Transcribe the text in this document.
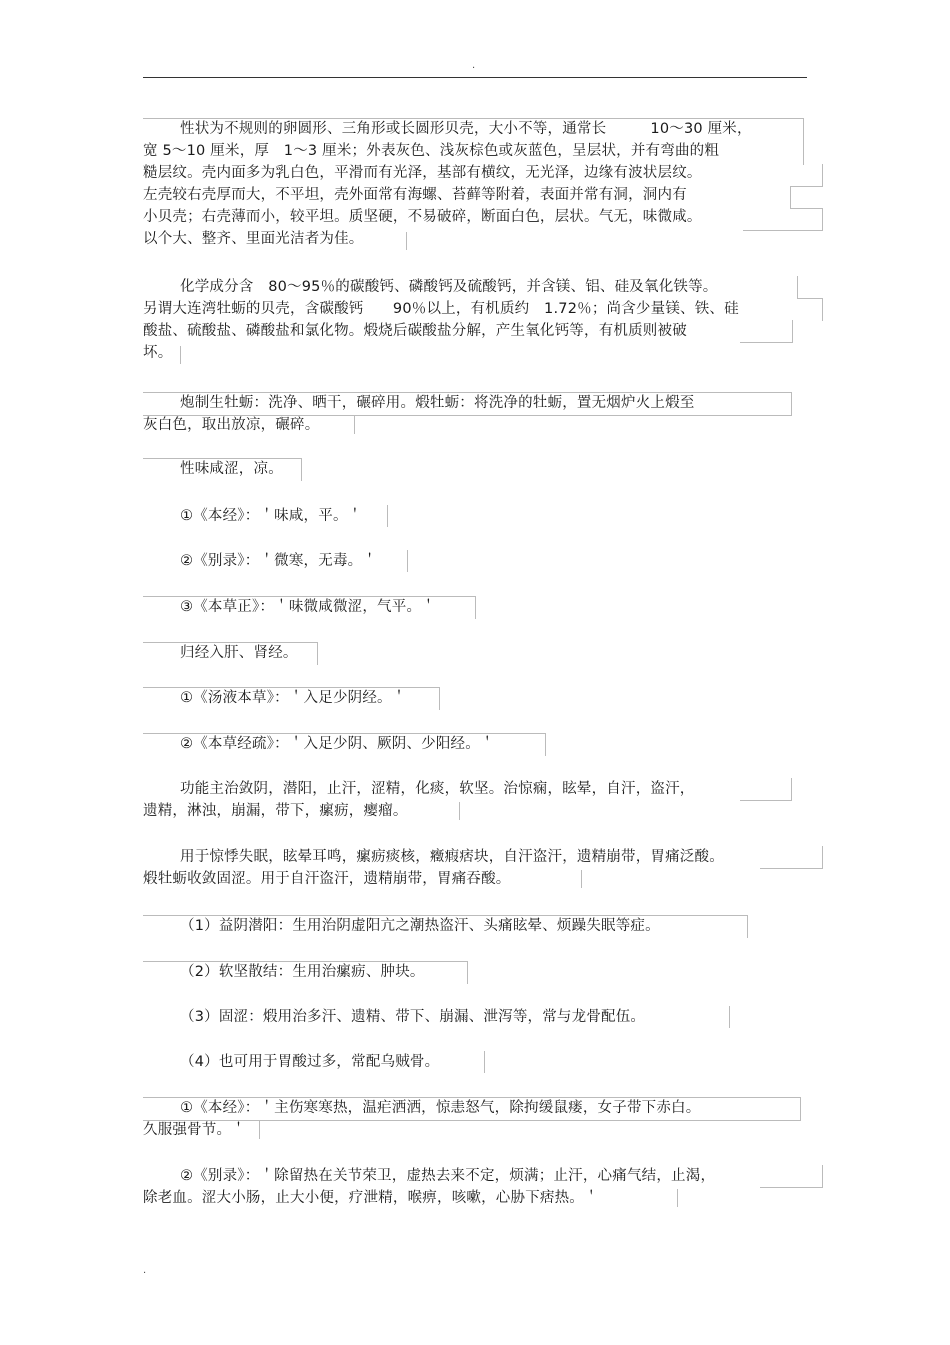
.
性状为不规则的卵圆形、三角形或长圆形贝壳，大小不等，通常长　　　10～30 厘米，
宽 5～10 厘米，厚　1～3 厘米；外表灰色、浅灰棕色或灰蓝色，呈层状，并有弯曲的粗
糙层纹。壳内面多为乳白色，平滑而有光泽，基部有横纹，无光泽，边缘有波状层纹。
左壳较右壳厚而大，不平坦，壳外面常有海螺、苔藓等附着，表面并常有洞，洞内有
小贝壳；右壳薄而小，较平坦。质坚硬，不易破碎，断面白色，层状。气无，味微咸。
以个大、整齐、里面光洁者为佳。
化学成分含　80～95％的碳酸钙、磷酸钙及硫酸钙，并含镁、铝、硅及氧化铁等。
另谓大连湾牡蛎的贝壳，含碳酸钙　　90％以上，有机质约　1.72％；尚含少量镁、铁、硅
酸盐、硫酸盐、磷酸盐和氯化物。煅烧后碳酸盐分解，产生氧化钙等，有机质则被破
坏。
炮制生牡蛎：洗净、晒干，碾碎用。煅牡蛎：将洗净的牡蛎，置无烟炉火上煅至
灰白色，取出放凉，碾碎。
性味咸涩，凉。
①《本经》：＇味咸，平。＇
②《别录》：＇微寒，无毒。＇
③《本草正》：＇味微咸微涩，气平。＇
归经入肝、肾经。
①《汤液本草》：＇入足少阴经。＇
②《本草经疏》：＇入足少阴、厥阴、少阳经。＇
功能主治敛阴，潜阳，止汗，涩精，化痰，软坚。治惊痫，眩晕，自汗，盗汗，
遗精，淋浊，崩漏，带下，瘰疬，瘿瘤。
用于惊悸失眠，眩晕耳鸣，瘰疬痰核，癥瘕痞块，自汗盗汗，遗精崩带，胃痛泛酸。
煅牡蛎收敛固涩。用于自汗盗汗，遗精崩带，胃痛吞酸。
（1）益阴潜阳：生用治阴虚阳亢之潮热盗汗、头痛眩晕、烦躁失眠等症。
（2）软坚散结：生用治瘰疬、肿块。
（3）固涩：煅用治多汗、遗精、带下、崩漏、泄泻等，常与龙骨配伍。
（4）也可用于胃酸过多，常配乌贼骨。
①《本经》：＇主伤寒寒热，温疟洒洒，惊恚怒气，除拘缓鼠瘘，女子带下赤白。
久服强骨节。＇
②《别录》：＇除留热在关节荣卫，虚热去来不定，烦满；止汗，心痛气结，止渴，
除老血。涩大小肠，止大小便，疗泄精，喉痹，咳嗽，心胁下痞热。＇
.
